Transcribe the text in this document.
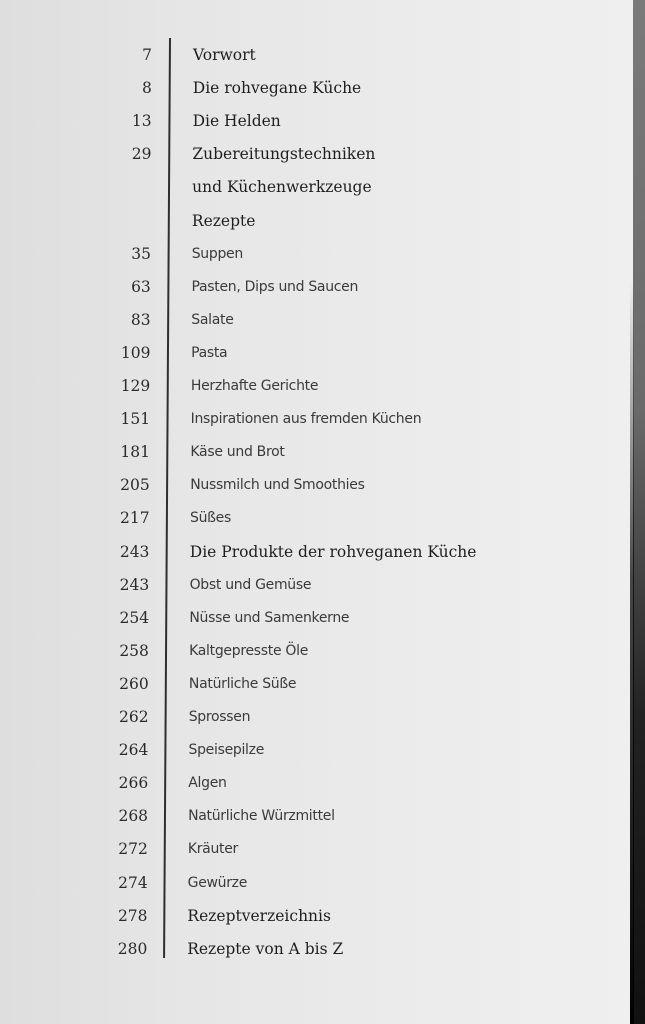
7	Vorwort
8	Die rohvegane Küche
13	Die Helden
29	Zubereitungstechniken
und Küchenwerkzeuge
Rezepte
35	Suppen
63	Pasten, Dips und Saucen
83	Salate
109	Pasta
129	Herzhafte Gerichte
151	Inspirationen aus fremden Küchen
181	Käse und Brot
205	Nussmilch und Smoothies
217	Süßes
243	Die Produkte der rohveganen Küche
243	Obst und Gemüse
254	Nüsse und Samenkerne
258	Kaltgepresste Öle
260	Natürliche Süße
262	Sprossen
264	Speisepilze
266	Algen
268	Natürliche Würzmittel
272	Kräuter
274	Gewürze
278	Rezeptverzeichnis
280	Rezepte von A bis Z
